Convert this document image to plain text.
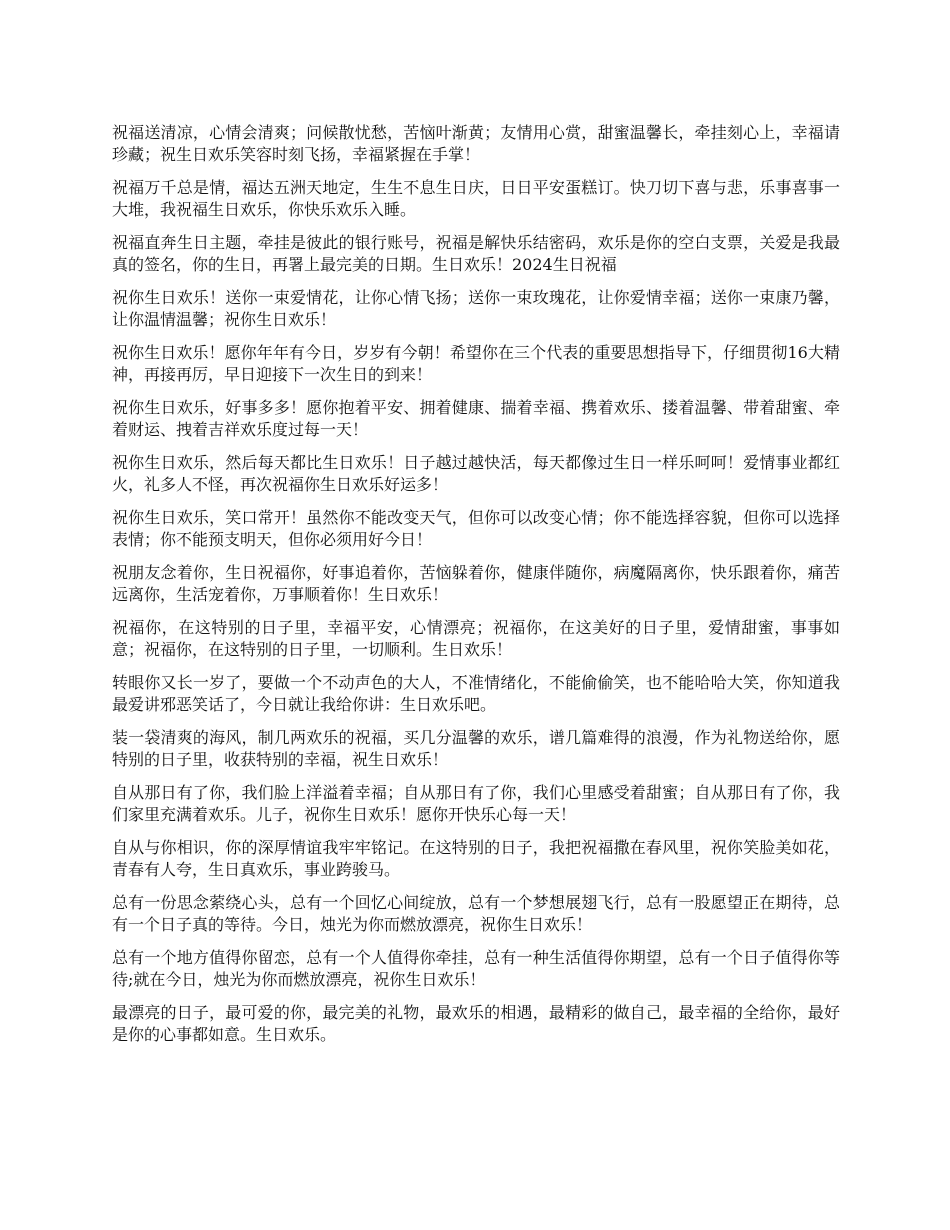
祝福送清凉，心情会清爽；问候散忧愁，苦恼叶渐黄；友情用心赏，甜蜜温馨长，牵挂刻心上，幸福请珍藏；祝生日欢乐笑容时刻飞扬，幸福紧握在手掌！

祝福万千总是情，福达五洲天地定，生生不息生日庆，日日平安蛋糕订。快刀切下喜与悲，乐事喜事一大堆，我祝福生日欢乐，你快乐欢乐入睡。

祝福直奔生日主题，牵挂是彼此的银行账号，祝福是解快乐结密码，欢乐是你的空白支票，关爱是我最真的签名，你的生日，再署上最完美的日期。生日欢乐！2024生日祝福

祝你生日欢乐！送你一束爱情花，让你心情飞扬；送你一束玫瑰花，让你爱情幸福；送你一束康乃馨，让你温情温馨；祝你生日欢乐！

祝你生日欢乐！愿你年年有今日，岁岁有今朝！希望你在三个代表的重要思想指导下，仔细贯彻16大精神，再接再厉，早日迎接下一次生日的到来！

祝你生日欢乐，好事多多！愿你抱着平安、拥着健康、揣着幸福、携着欢乐、搂着温馨、带着甜蜜、牵着财运、拽着吉祥欢乐度过每一天！

祝你生日欢乐，然后每天都比生日欢乐！日子越过越快活，每天都像过生日一样乐呵呵！爱情事业都红火，礼多人不怪，再次祝福你生日欢乐好运多！

祝你生日欢乐，笑口常开！虽然你不能改变天气，但你可以改变心情；你不能选择容貌，但你可以选择表情；你不能预支明天，但你必须用好今日！

祝朋友念着你，生日祝福你，好事追着你，苦恼躲着你，健康伴随你，病魔隔离你，快乐跟着你，痛苦远离你，生活宠着你，万事顺着你！生日欢乐！

祝福你，在这特别的日子里，幸福平安，心情漂亮；祝福你，在这美好的日子里，爱情甜蜜，事事如意；祝福你，在这特别的日子里，一切顺利。生日欢乐！

转眼你又长一岁了，要做一个不动声色的大人，不准情绪化，不能偷偷笑，也不能哈哈大笑，你知道我最爱讲邪恶笑话了，今日就让我给你讲：生日欢乐吧。

装一袋清爽的海风，制几两欢乐的祝福，买几分温馨的欢乐，谱几篇难得的浪漫，作为礼物送给你，愿特别的日子里，收获特别的幸福，祝生日欢乐！

自从那日有了你，我们脸上洋溢着幸福；自从那日有了你，我们心里感受着甜蜜；自从那日有了你，我们家里充满着欢乐。儿子，祝你生日欢乐！愿你开快乐心每一天！

自从与你相识，你的深厚情谊我牢牢铭记。在这特别的日子，我把祝福撒在春风里，祝你笑脸美如花，青春有人夸，生日真欢乐，事业跨骏马。

总有一份思念萦绕心头，总有一个回忆心间绽放，总有一个梦想展翅飞行，总有一股愿望正在期待，总有一个日子真的等待。今日，烛光为你而燃放漂亮，祝你生日欢乐！

总有一个地方值得你留恋，总有一个人值得你牵挂，总有一种生活值得你期望，总有一个日子值得你等待;就在今日，烛光为你而燃放漂亮，祝你生日欢乐！

最漂亮的日子，最可爱的你，最完美的礼物，最欢乐的相遇，最精彩的做自己，最幸福的全给你，最好是你的心事都如意。生日欢乐。
